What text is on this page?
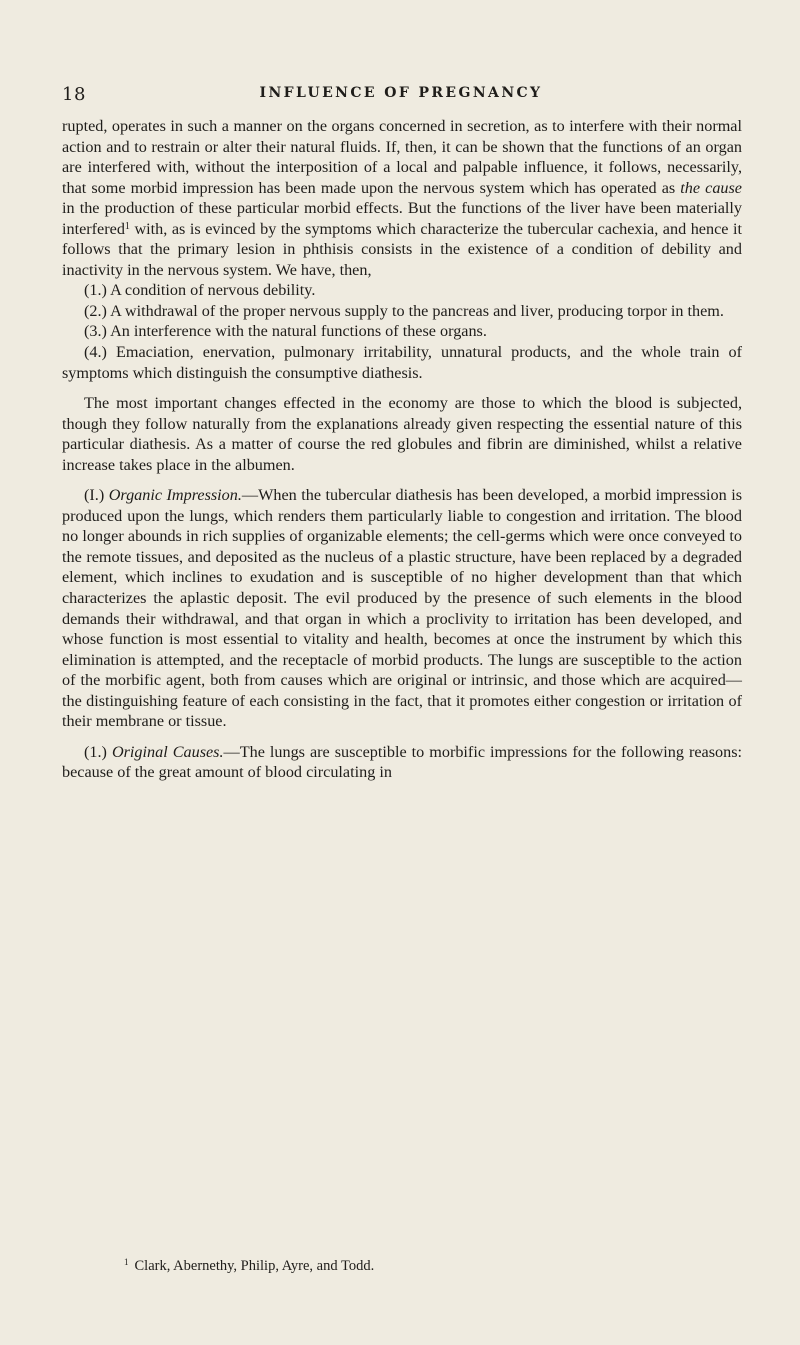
18	INFLUENCE OF PREGNANCY

rupted, operates in such a manner on the organs concerned in secretion, as to interfere with their normal action and to restrain or alter their natural fluids. If, then, it can be shown that the functions of an organ are interfered with, without the interposition of a local and palpable influence, it follows, necessarily, that some morbid impression has been made upon the nervous system which has operated as the cause in the production of these particular morbid effects. But the functions of the liver have been materially interfered$^1$ with, as is evinced by the symptoms which characterize the tubercular cachexia, and hence it follows that the primary lesion in phthisis consists in the existence of a condition of debility and inactivity in the nervous system. We have, then,

(1.) A condition of nervous debility.

(2.) A withdrawal of the proper nervous supply to the pancreas and liver, producing torpor in them.

(3.) An interference with the natural functions of these organs.

(4.) Emaciation, enervation, pulmonary irritability, unnatural products, and the whole train of symptoms which distinguish the consumptive diathesis.

The most important changes effected in the economy are those to which the blood is subjected, though they follow naturally from the explanations already given respecting the essential nature of this particular diathesis. As a matter of course the red globules and fibrin are diminished, whilst a relative increase takes place in the albumen.

(I.) Organic Impression.—When the tubercular diathesis has been developed, a morbid impression is produced upon the lungs, which renders them particularly liable to congestion and irritation. The blood no longer abounds in rich supplies of organizable elements; the cell-germs which were once conveyed to the remote tissues, and deposited as the nucleus of a plastic structure, have been replaced by a degraded element, which inclines to exudation and is susceptible of no higher development than that which characterizes the aplastic deposit. The evil produced by the presence of such elements in the blood demands their withdrawal, and that organ in which a proclivity to irritation has been developed, and whose function is most essential to vitality and health, becomes at once the instrument by which this elimination is attempted, and the receptacle of morbid products. The lungs are susceptible to the action of the morbific agent, both from causes which are original or intrinsic, and those which are acquired—the distinguishing feature of each consisting in the fact, that it promotes either congestion or irritation of their membrane or tissue.

(1.) Original Causes.—The lungs are susceptible to morbific impressions for the following reasons: because of the great amount of blood circulating in

$^1$ Clark, Abernethy, Philip, Ayre, and Todd.
